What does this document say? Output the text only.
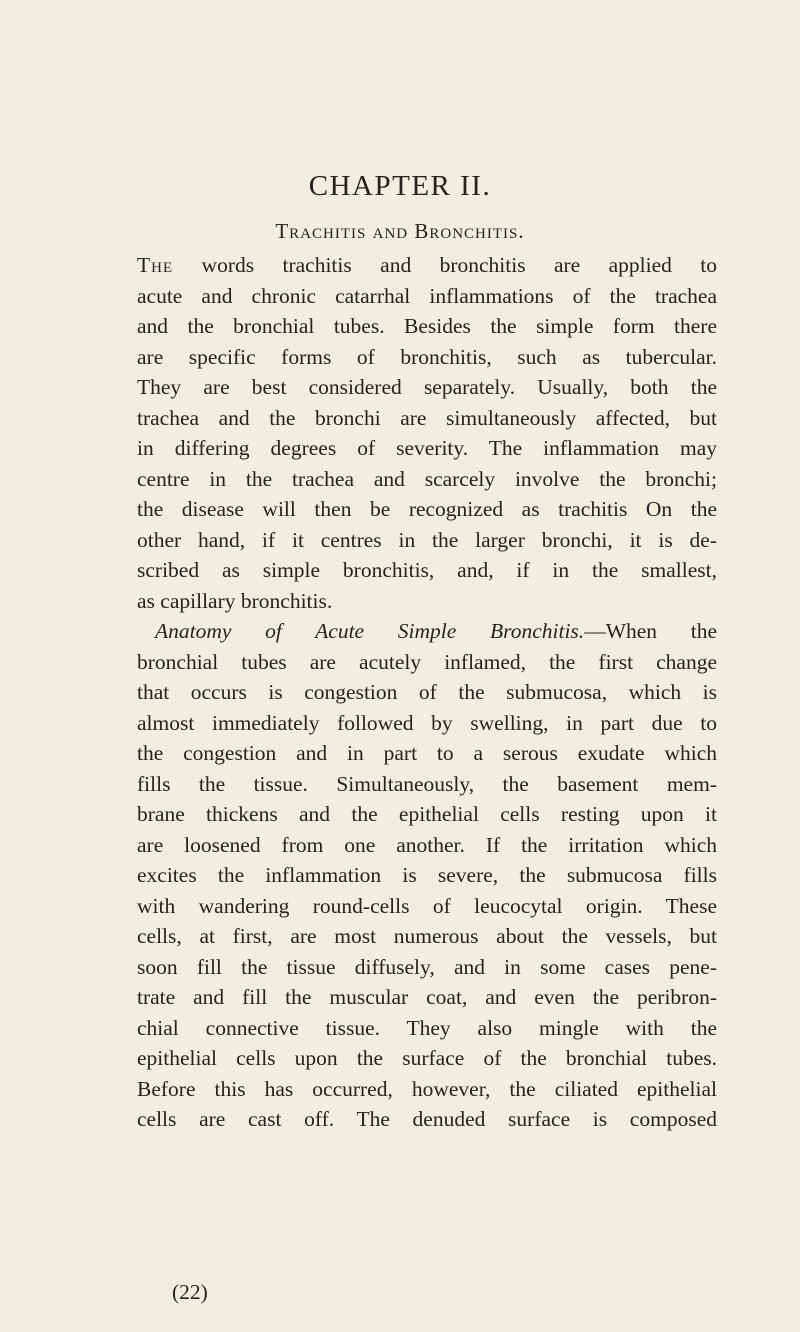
CHAPTER II.
Trachitis and Bronchitis.
The words trachitis and bronchitis are applied to
acute and chronic catarrhal inflammations of the trachea
and the bronchial tubes. Besides the simple form there
are specific forms of bronchitis, such as tubercular.
They are best considered separately. Usually, both the
trachea and the bronchi are simultaneously affected, but
in differing degrees of severity. The inflammation may
centre in the trachea and scarcely involve the bronchi;
the disease will then be recognized as trachitis On the
other hand, if it centres in the larger bronchi, it is de-
scribed as simple bronchitis, and, if in the smallest,
as capillary bronchitis.
Anatomy of Acute Simple Bronchitis.—When the
bronchial tubes are acutely inflamed, the first change
that occurs is congestion of the submucosa, which is
almost immediately followed by swelling, in part due to
the congestion and in part to a serous exudate which
fills the tissue. Simultaneously, the basement mem-
brane thickens and the epithelial cells resting upon it
are loosened from one another. If the irritation which
excites the inflammation is severe, the submucosa fills
with wandering round-cells of leucocytal origin. These
cells, at first, are most numerous about the vessels, but
soon fill the tissue diffusely, and in some cases pene-
trate and fill the muscular coat, and even the peribron-
chial connective tissue. They also mingle with the
epithelial cells upon the surface of the bronchial tubes.
Before this has occurred, however, the ciliated epithelial
cells are cast off. The denuded surface is composed

(22)
